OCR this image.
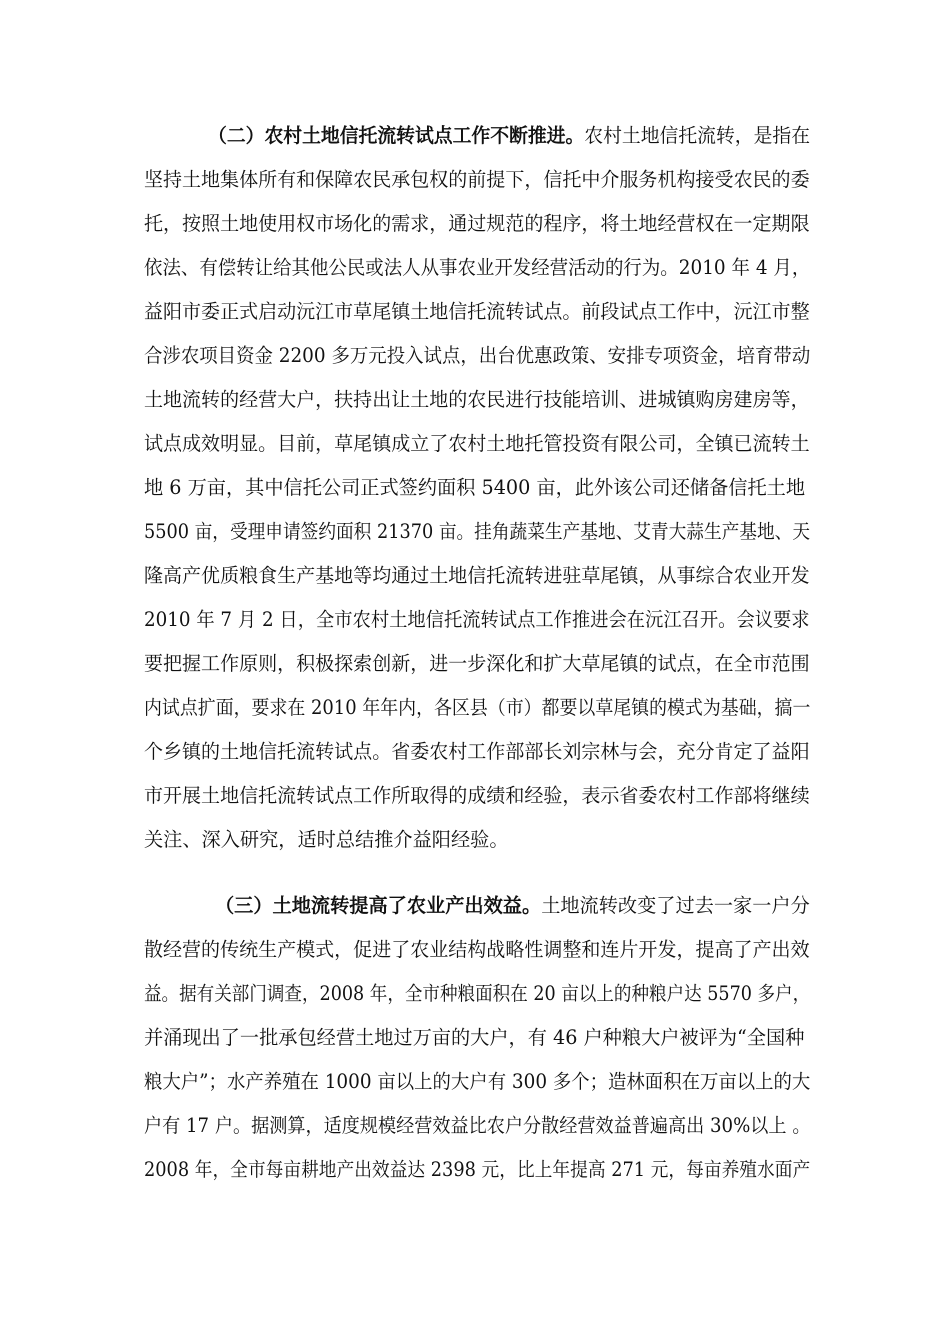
（二）农村土地信托流转试点工作不断推进。农村土地信托流转，是指在
坚持土地集体所有和保障农民承包权的前提下，信托中介服务机构接受农民的委
托，按照土地使用权市场化的需求，通过规范的程序，将土地经营权在一定期限
依法、有偿转让给其他公民或法人从事农业开发经营活动的行为。2010 年 4 月，
益阳市委正式启动沅江市草尾镇土地信托流转试点。前段试点工作中，沅江市整
合涉农项目资金 2200 多万元投入试点，出台优惠政策、安排专项资金，培育带动
土地流转的经营大户，扶持出让土地的农民进行技能培训、进城镇购房建房等，
试点成效明显。目前，草尾镇成立了农村土地托管投资有限公司，全镇已流转土
地 6 万亩，其中信托公司正式签约面积 5400 亩，此外该公司还储备信托土地
5500 亩，受理申请签约面积 21370 亩。挂角蔬菜生产基地、艾青大蒜生产基地、天
隆高产优质粮食生产基地等均通过土地信托流转进驻草尾镇，从事综合农业开发
2010 年 7 月 2 日，全市农村土地信托流转试点工作推进会在沅江召开。会议要求
要把握工作原则，积极探索创新，进一步深化和扩大草尾镇的试点，在全市范围
内试点扩面，要求在 2010 年年内，各区县（市）都要以草尾镇的模式为基础，搞一
个乡镇的土地信托流转试点。省委农村工作部部长刘宗林与会，充分肯定了益阳
市开展土地信托流转试点工作所取得的成绩和经验，表示省委农村工作部将继续
关注、深入研究，适时总结推介益阳经验。
（三）土地流转提高了农业产出效益。土地流转改变了过去一家一户分
散经营的传统生产模式，促进了农业结构战略性调整和连片开发，提高了产出效
益。据有关部门调查，2008 年，全市种粮面积在 20 亩以上的种粮户达 5570 多户，
并涌现出了一批承包经营土地过万亩的大户，有 46 户种粮大户被评为“全国种
粮大户”；水产养殖在 1000 亩以上的大户有 300 多个；造林面积在万亩以上的大
户有 17 户。据测算，适度规模经营效益比农户分散经营效益普遍高出 30%以上 。
2008 年，全市每亩耕地产出效益达 2398 元，比上年提高 271 元，每亩养殖水面产
